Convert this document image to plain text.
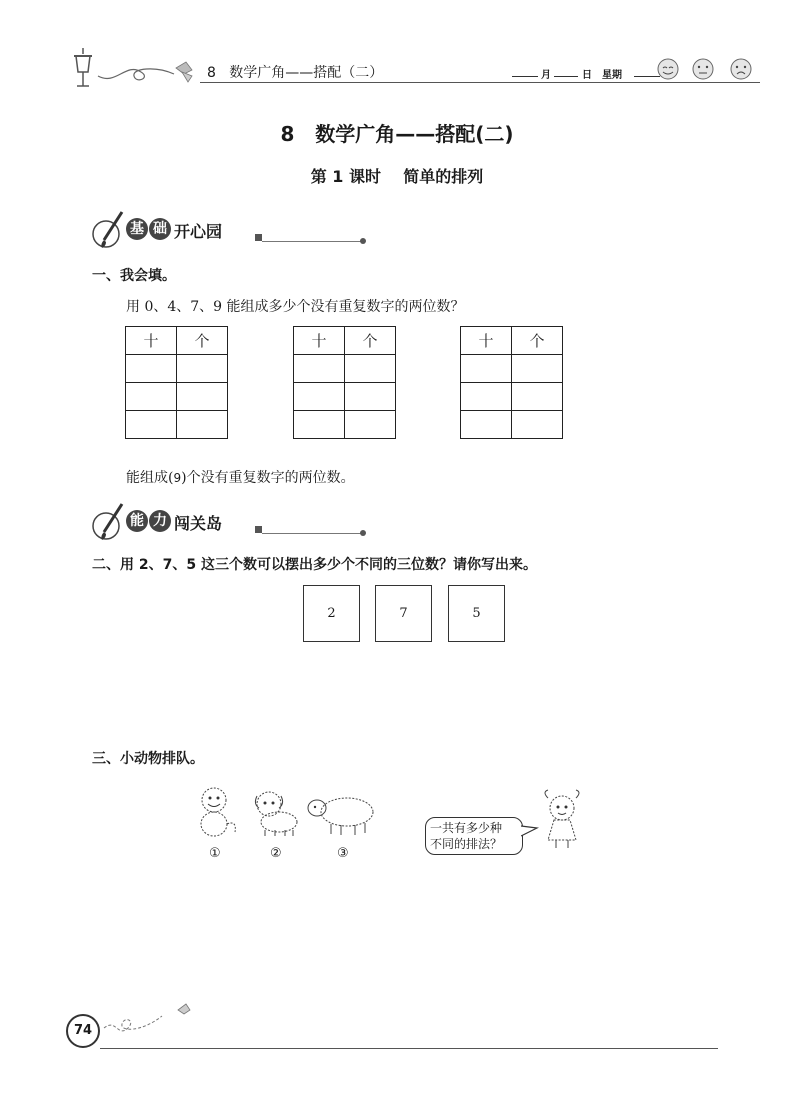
8 数学广角——搭配（二）	月	日 星期
8 数学广角——搭配(二)
第 1 课时 简单的排列
基 础 开心园
一、我会填。
用 0、4、7、9 能组成多少个没有重复数字的两位数？
十	个

		十	个

		十	个

能组成(9)个没有重复数字的两位数。
能 力 闯关岛
二、用 2、7、5 这三个数可以摆出多少个不同的三位数？请你写出来。
2	7	5
三、小动物排队。
①	②	③
一共有多少种
不同的排法？
74
